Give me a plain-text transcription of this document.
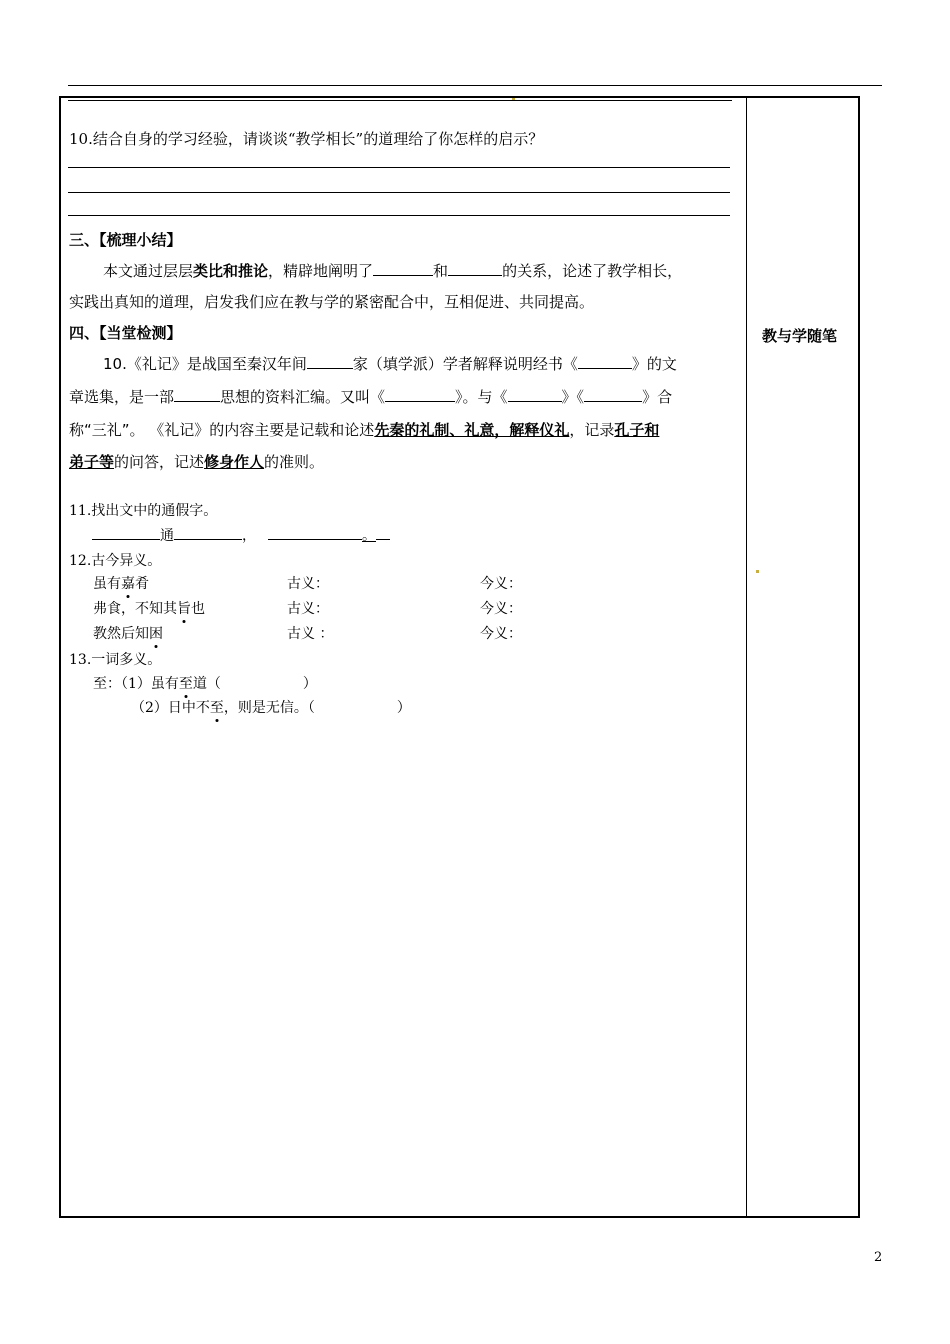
教与学随笔
10.结合自身的学习经验，请谈谈“教学相长”的道理给了你怎样的启示？
三、【梳理小结】
本文通过层层类比和推论，精辟地阐明了	和	的关系，论述了教学相长，
实践出真知的道理，启发我们应在教与学的紧密配合中，互相促进、共同提高。
四、【当堂检测】
10.《礼记》是战国至秦汉年间	家（填学派）学者解释说明经书《	》的文
章选集，是一部	思想的资料汇编。又叫《	》。与《	》《	》合
称“三礼”。 《礼记》的内容主要是记载和论述先秦的礼制、礼意，解释仪礼，记录孔子和
弟子等的问答，记述修身作人的准则。
11.找出文中的通假字。
通	，	。
12.古今异义。
虽有嘉肴	古义：	今义：
弗食，不知其旨也	古义：	今义：
教然后知困	古义 ：	今义：
13.一词多义。
至：（1）虽有至道（	）
（2）日中不至，则是无信。（	）
2
